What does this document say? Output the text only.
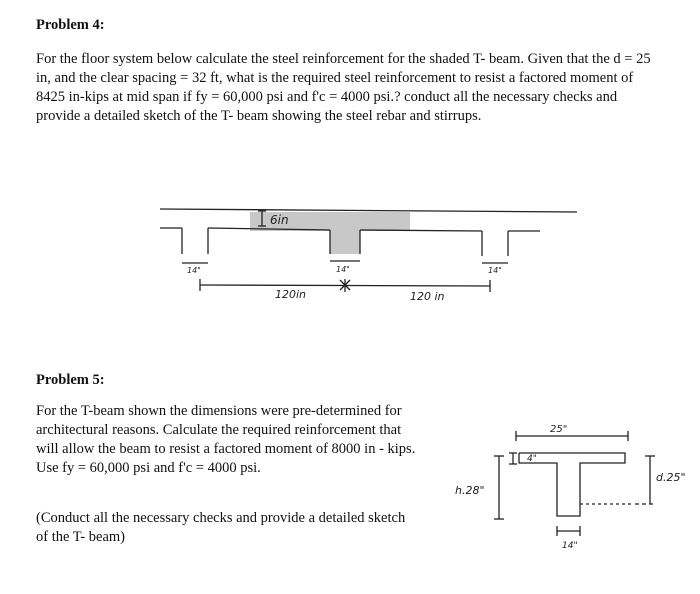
Problem 4:

For the floor system below calculate the steel reinforcement for the shaded T- beam. Given that the d = 25 in, and the clear spacing = 32 ft, what is the required steel reinforcement to resist a factored moment of 8425 in-kips at mid span if fy = 60,000 psi and f'c = 4000 psi.? conduct all the necessary checks and provide a detailed sketch of the T- beam showing the steel rebar and stirrups.

6in
14"	14"	14"
120in	120 in
25"
4"
h.28"
d.25"
14"
Problem 5:

For the T-beam shown the dimensions were pre-determined for architectural reasons. Calculate the required reinforcement that will allow the beam to resist a factored moment of 8000 in - kips. Use fy = 60,000 psi and f'c = 4000 psi.

(Conduct all the necessary checks and provide a detailed sketch of the T- beam)
